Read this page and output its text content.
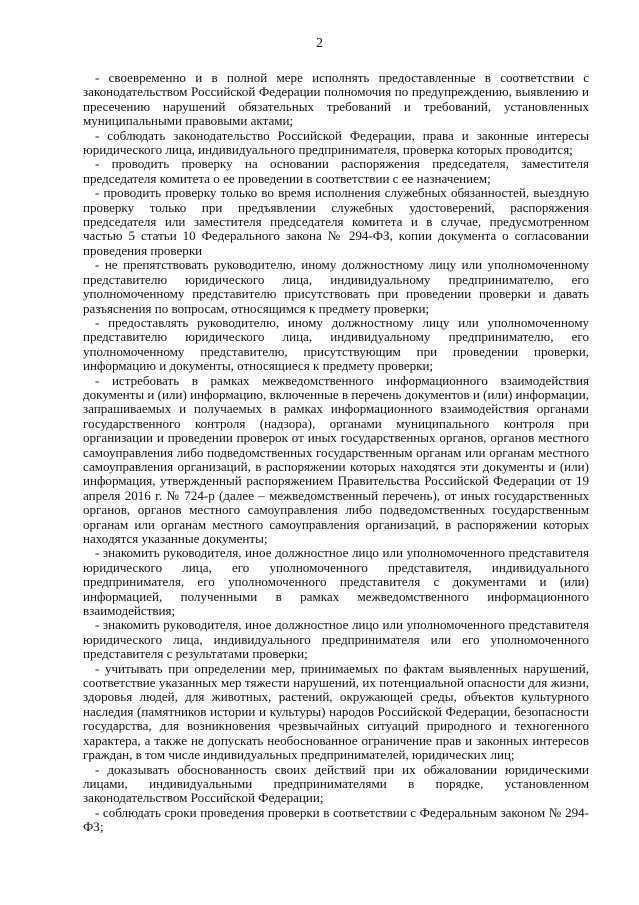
2

- своевременно и в полной мере исполнять предоставленные в соответствии с законодательством Российской Федерации полномочия по предупреждению, выявлению и пресечению нарушений обязательных требований и требований, установленных муниципальными правовыми актами;

- соблюдать законодательство Российской Федерации, права и законные интересы юридического лица, индивидуального предпринимателя, проверка которых проводится;

- проводить проверку на основании распоряжения председателя, заместителя председателя комитета о ее проведении в соответствии с ее назначением;

- проводить проверку только во время исполнения служебных обязанностей, выездную проверку только при предъявлении служебных удостоверений, распоряжения председателя или заместителя председателя комитета и в случае, предусмотренном частью 5 статьи 10 Федерального закона № 294-ФЗ, копии документа о согласовании проведения проверки

- не препятствовать руководителю, иному должностному лицу или уполномоченному представителю юридического лица, индивидуальному предпринимателю, его уполномоченному представителю присутствовать при проведении проверки и давать разъяснения по вопросам, относящимся к предмету проверки;

- предоставлять руководителю, иному должностному лицу или уполномоченному представителю юридического лица, индивидуальному предпринимателю, его уполномоченному представителю, присутствующим при проведении проверки, информацию и документы, относящиеся к предмету проверки;

- истребовать в рамках межведомственного информационного взаимодействия документы и (или) информацию, включенные в перечень документов и (или) информации, запрашиваемых и получаемых в рамках информационного взаимодействия органами государственного контроля (надзора), органами муниципального контроля при организации и проведении проверок от иных государственных органов, органов местного самоуправления либо подведомственных государственным органам или органам местного самоуправления организаций, в распоряжении которых находятся эти документы и (или) информация, утвержденный распоряжением Правительства Российской Федерации от 19 апреля 2016 г. № 724-р (далее – межведомственный перечень), от иных государственных органов, органов местного самоуправления либо подведомственных государственным органам или органам местного самоуправления организаций, в распоряжении которых находятся указанные документы;

- знакомить руководителя, иное должностное лицо или уполномоченного представителя юридического лица, его уполномоченного представителя, индивидуального предпринимателя, его уполномоченного представителя с документами и (или) информацией, полученными в рамках межведомственного информационного взаимодействия;

- знакомить руководителя, иное должностное лицо или уполномоченного представителя юридического лица, индивидуального предпринимателя или его уполномоченного представителя с результатами проверки;

- учитывать при определении мер, принимаемых по фактам выявленных нарушений, соответствие указанных мер тяжести нарушений, их потенциальной опасности для жизни, здоровья людей, для животных, растений, окружающей среды, объектов культурного наследия (памятников истории и культуры) народов Российской Федерации, безопасности государства, для возникновения чрезвычайных ситуаций природного и техногенного характера, а также не допускать необоснованное ограничение прав и законных интересов граждан, в том числе индивидуальных предпринимателей, юридических лиц;

- доказывать обоснованность своих действий при их обжаловании юридическими лицами, индивидуальными предпринимателями в порядке, установленном законодательством Российской Федерации;

- соблюдать сроки проведения проверки в соответствии с Федеральным законом № 294-ФЗ;
